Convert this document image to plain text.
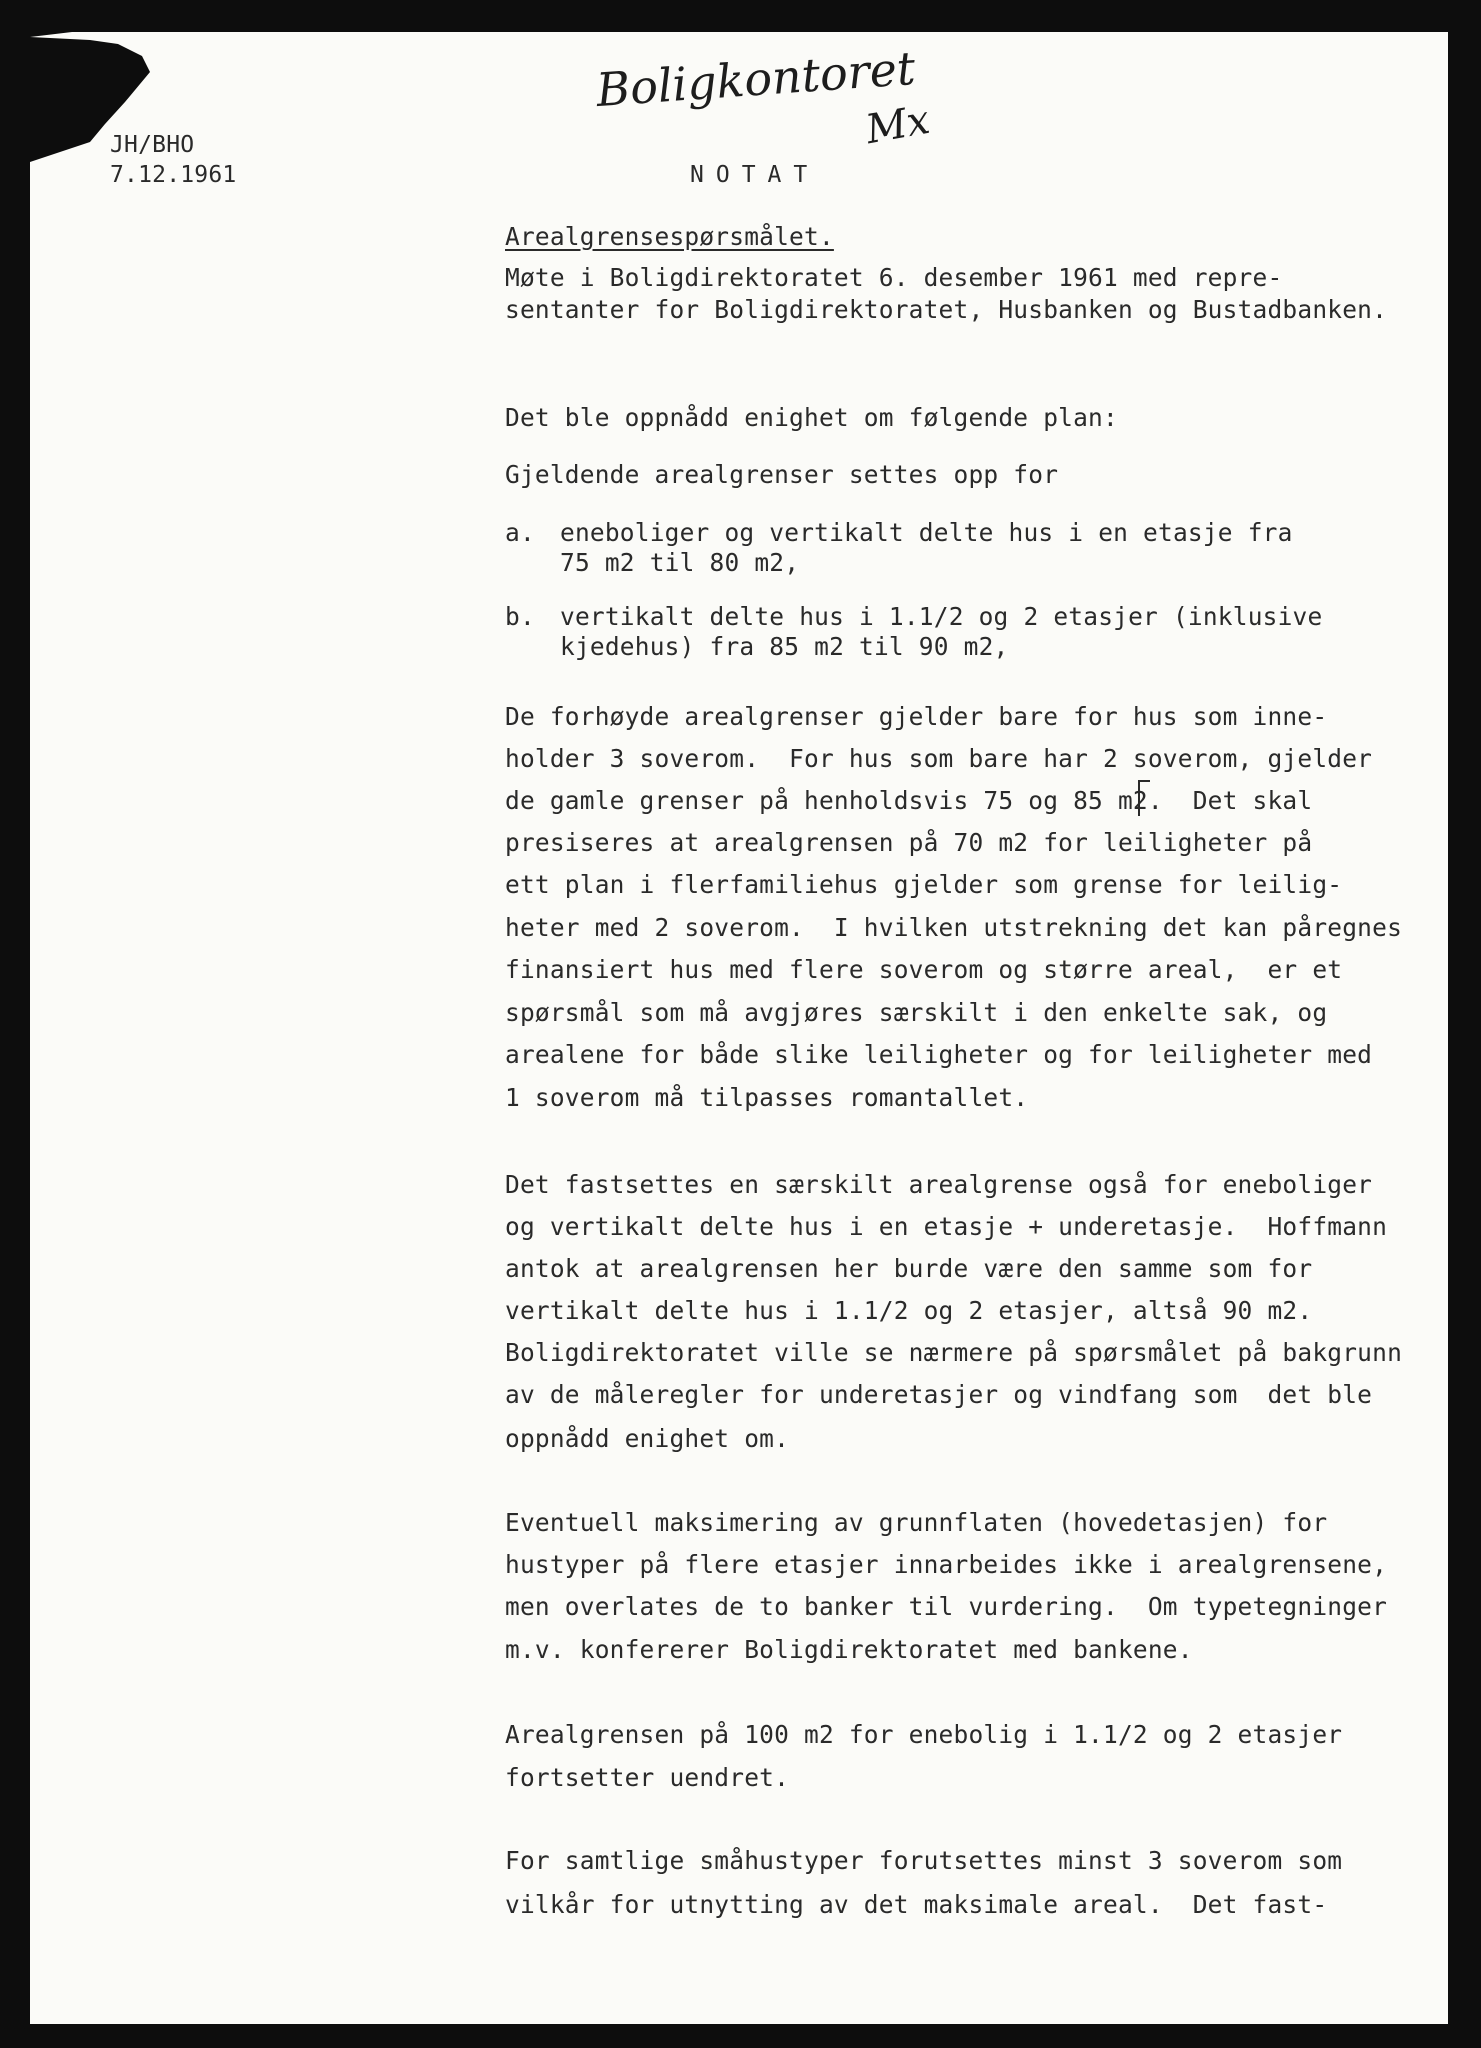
Boligkontoret
Mx
JH/BHO
7.12.1961	NOTAT
Arealgrensespørsmålet.
Møte i Boligdirektoratet 6. desember 1961 med repre-
sentanter for Boligdirektoratet, Husbanken og Bustadbanken.
Det ble oppnådd enighet om følgende plan:
Gjeldende arealgrenser settes opp for
a. eneboliger og vertikalt delte hus i en etasje fra
75 m2 til 80 m2,
b. vertikalt delte hus i 1.1/2 og 2 etasjer (inklusive
kjedehus) fra 85 m2 til 90 m2,
De forhøyde arealgrenser gjelder bare for hus som inne-
holder 3 soverom.  For hus som bare har 2 soverom, gjelder
de gamle grenser på henholdsvis 75 og 85 m2.  Det skal
presiseres at arealgrensen på 70 m2 for leiligheter på
ett plan i flerfamiliehus gjelder som grense for leilig-
heter med 2 soverom.  I hvilken utstrekning det kan påregnes
finansiert hus med flere soverom og større areal,  er et
spørsmål som må avgjøres særskilt i den enkelte sak, og
arealene for både slike leiligheter og for leiligheter med
1 soverom må tilpasses romantallet.
Det fastsettes en særskilt arealgrense også for eneboliger
og vertikalt delte hus i en etasje + underetasje.  Hoffmann
antok at arealgrensen her burde være den samme som for
vertikalt delte hus i 1.1/2 og 2 etasjer, altså 90 m2.
Boligdirektoratet ville se nærmere på spørsmålet på bakgrunn
av de måleregler for underetasjer og vindfang som  det ble
oppnådd enighet om.
Eventuell maksimering av grunnflaten (hovedetasjen) for
hustyper på flere etasjer innarbeides ikke i arealgrensene,
men overlates de to banker til vurdering.  Om typetegninger
m.v. konfererer Boligdirektoratet med bankene.
Arealgrensen på 100 m2 for enebolig i 1.1/2 og 2 etasjer
fortsetter uendret.
For samtlige småhustyper forutsettes minst 3 soverom som
vilkår for utnytting av det maksimale areal.  Det fast-
